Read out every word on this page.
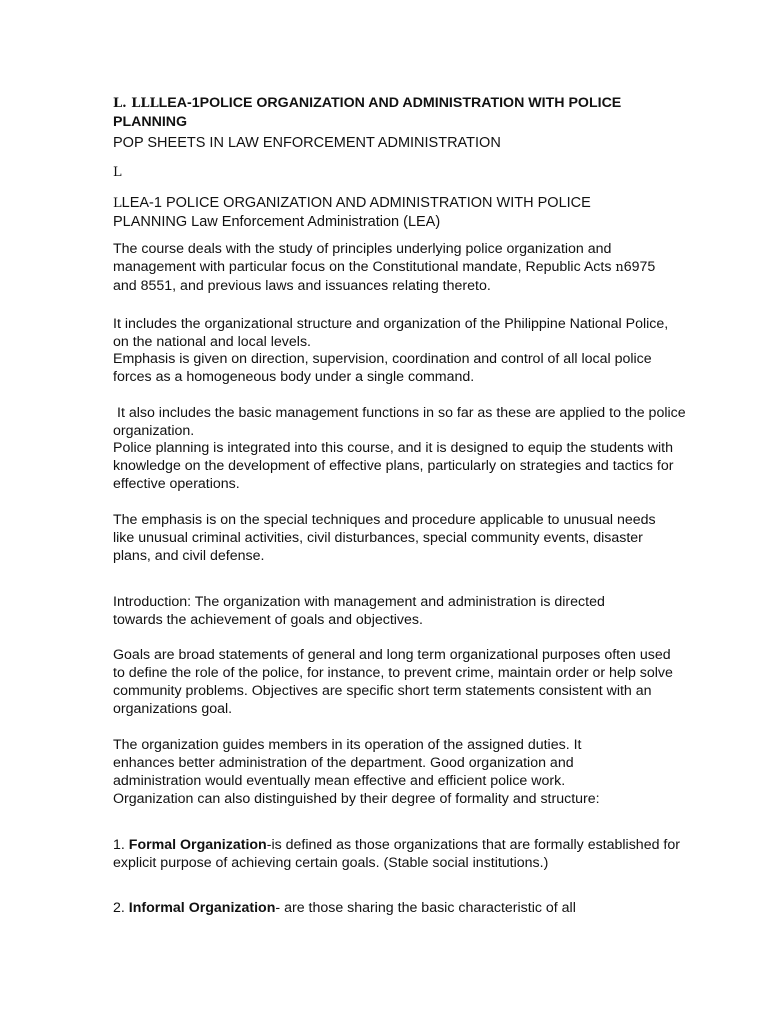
L. LLLLEA-1POLICE ORGANIZATION AND ADMINISTRATION WITH POLICE PLANNING
POP SHEETS IN LAW ENFORCEMENT ADMINISTRATION
L
LLEA-1 POLICE ORGANIZATION AND ADMINISTRATION WITH POLICE PLANNING Law Enforcement Administration (LEA)

The course deals with the study of principles underlying police organization and management with particular focus on the Constitutional mandate, Republic Acts n6975 and 8551, and previous laws and issuances relating thereto.

It includes the organizational structure and organization of the Philippine National Police, on the national and local levels.

Emphasis is given on direction, supervision, coordination and control of all local police forces as a homogeneous body under a single command.

It also includes the basic management functions in so far as these are applied to the police organization.

Police planning is integrated into this course, and it is designed to equip the students with knowledge on the development of effective plans, particularly on strategies and tactics for effective operations.

The emphasis is on the special techniques and procedure applicable to unusual needs like unusual criminal activities, civil disturbances, special community events, disaster plans, and civil defense.

Introduction: The organization with management and administration is directed towards the achievement of goals and objectives.

Goals are broad statements of general and long term organizational purposes often used to define the role of the police, for instance, to prevent crime, maintain order or help solve community problems. Objectives are specific short term statements consistent with an organizations goal.

The organization guides members in its operation of the assigned duties. It enhances better administration of the department. Good organization and administration would eventually mean effective and efficient police work.

Organization can also distinguished by their degree of formality and structure:

1. Formal Organization-is defined as those organizations that are formally established for explicit purpose of achieving certain goals. (Stable social institutions.)

2. Informal Organization- are those sharing the basic characteristic of all
